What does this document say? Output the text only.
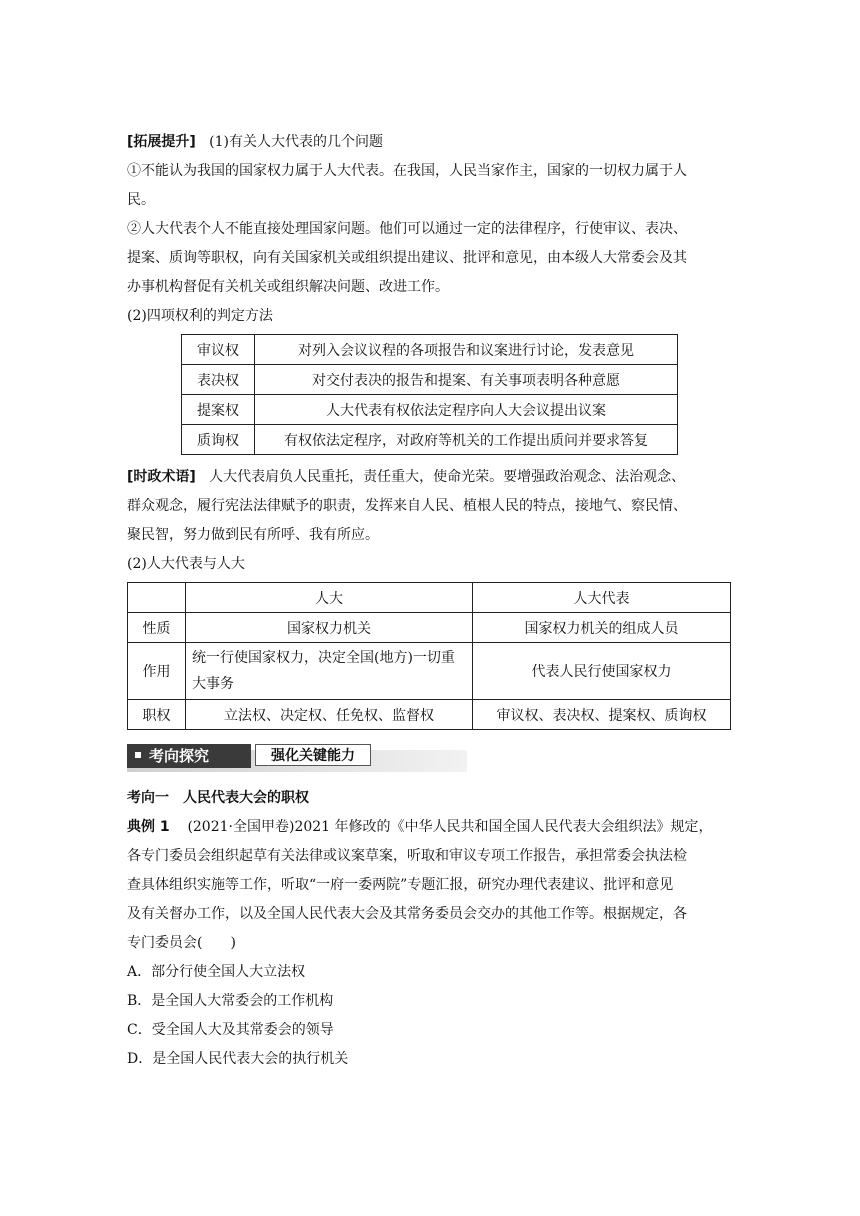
[拓展提升] (1)有关人大代表的几个问题
①不能认为我国的国家权力属于人大代表。在我国，人民当家作主，国家的一切权力属于人
民。
②人大代表个人不能直接处理国家问题。他们可以通过一定的法律程序，行使审议、表决、
提案、质询等职权，向有关国家机关或组织提出建议、批评和意见，由本级人大常委会及其
办事机构督促有关机关或组织解决问题、改进工作。
(2)四项权利的判定方法
审议权	对列入会议议程的各项报告和议案进行讨论，发表意见
表决权	对交付表决的报告和提案、有关事项表明各种意愿
提案权	人大代表有权依法定程序向人大会议提出议案
质询权	有权依法定程序，对政府等机关的工作提出质问并要求答复
[时政术语] 人大代表肩负人民重托，责任重大，使命光荣。要增强政治观念、法治观念、
群众观念，履行宪法法律赋予的职责，发挥来自人民、植根人民的特点，接地气、察民情、
聚民智，努力做到民有所呼、我有所应。
(2)人大代表与人大
	人大	人大代表
性质	国家权力机关	国家权力机关的组成人员
作用	统一行使国家权力，决定全国(地方)一切重大事务	代表人民行使国家权力
职权	立法权、决定权、任免权、监督权	审议权、表决权、提案权、质询权
考向探究	强化关键能力
考向一　人民代表大会的职权
典例 1 (2021·全国甲卷)2021 年修改的《中华人民共和国全国人民代表大会组织法》规定，
各专门委员会组织起草有关法律或议案草案，听取和审议专项工作报告，承担常委会执法检
查具体组织实施等工作，听取“一府一委两院”专题汇报，研究办理代表建议、批评和意见
及有关督办工作，以及全国人民代表大会及其常务委员会交办的其他工作等。根据规定，各
专门委员会(　　)
A．部分行使全国人大立法权
B．是全国人大常委会的工作机构
C．受全国人大及其常委会的领导
D．是全国人民代表大会的执行机关
